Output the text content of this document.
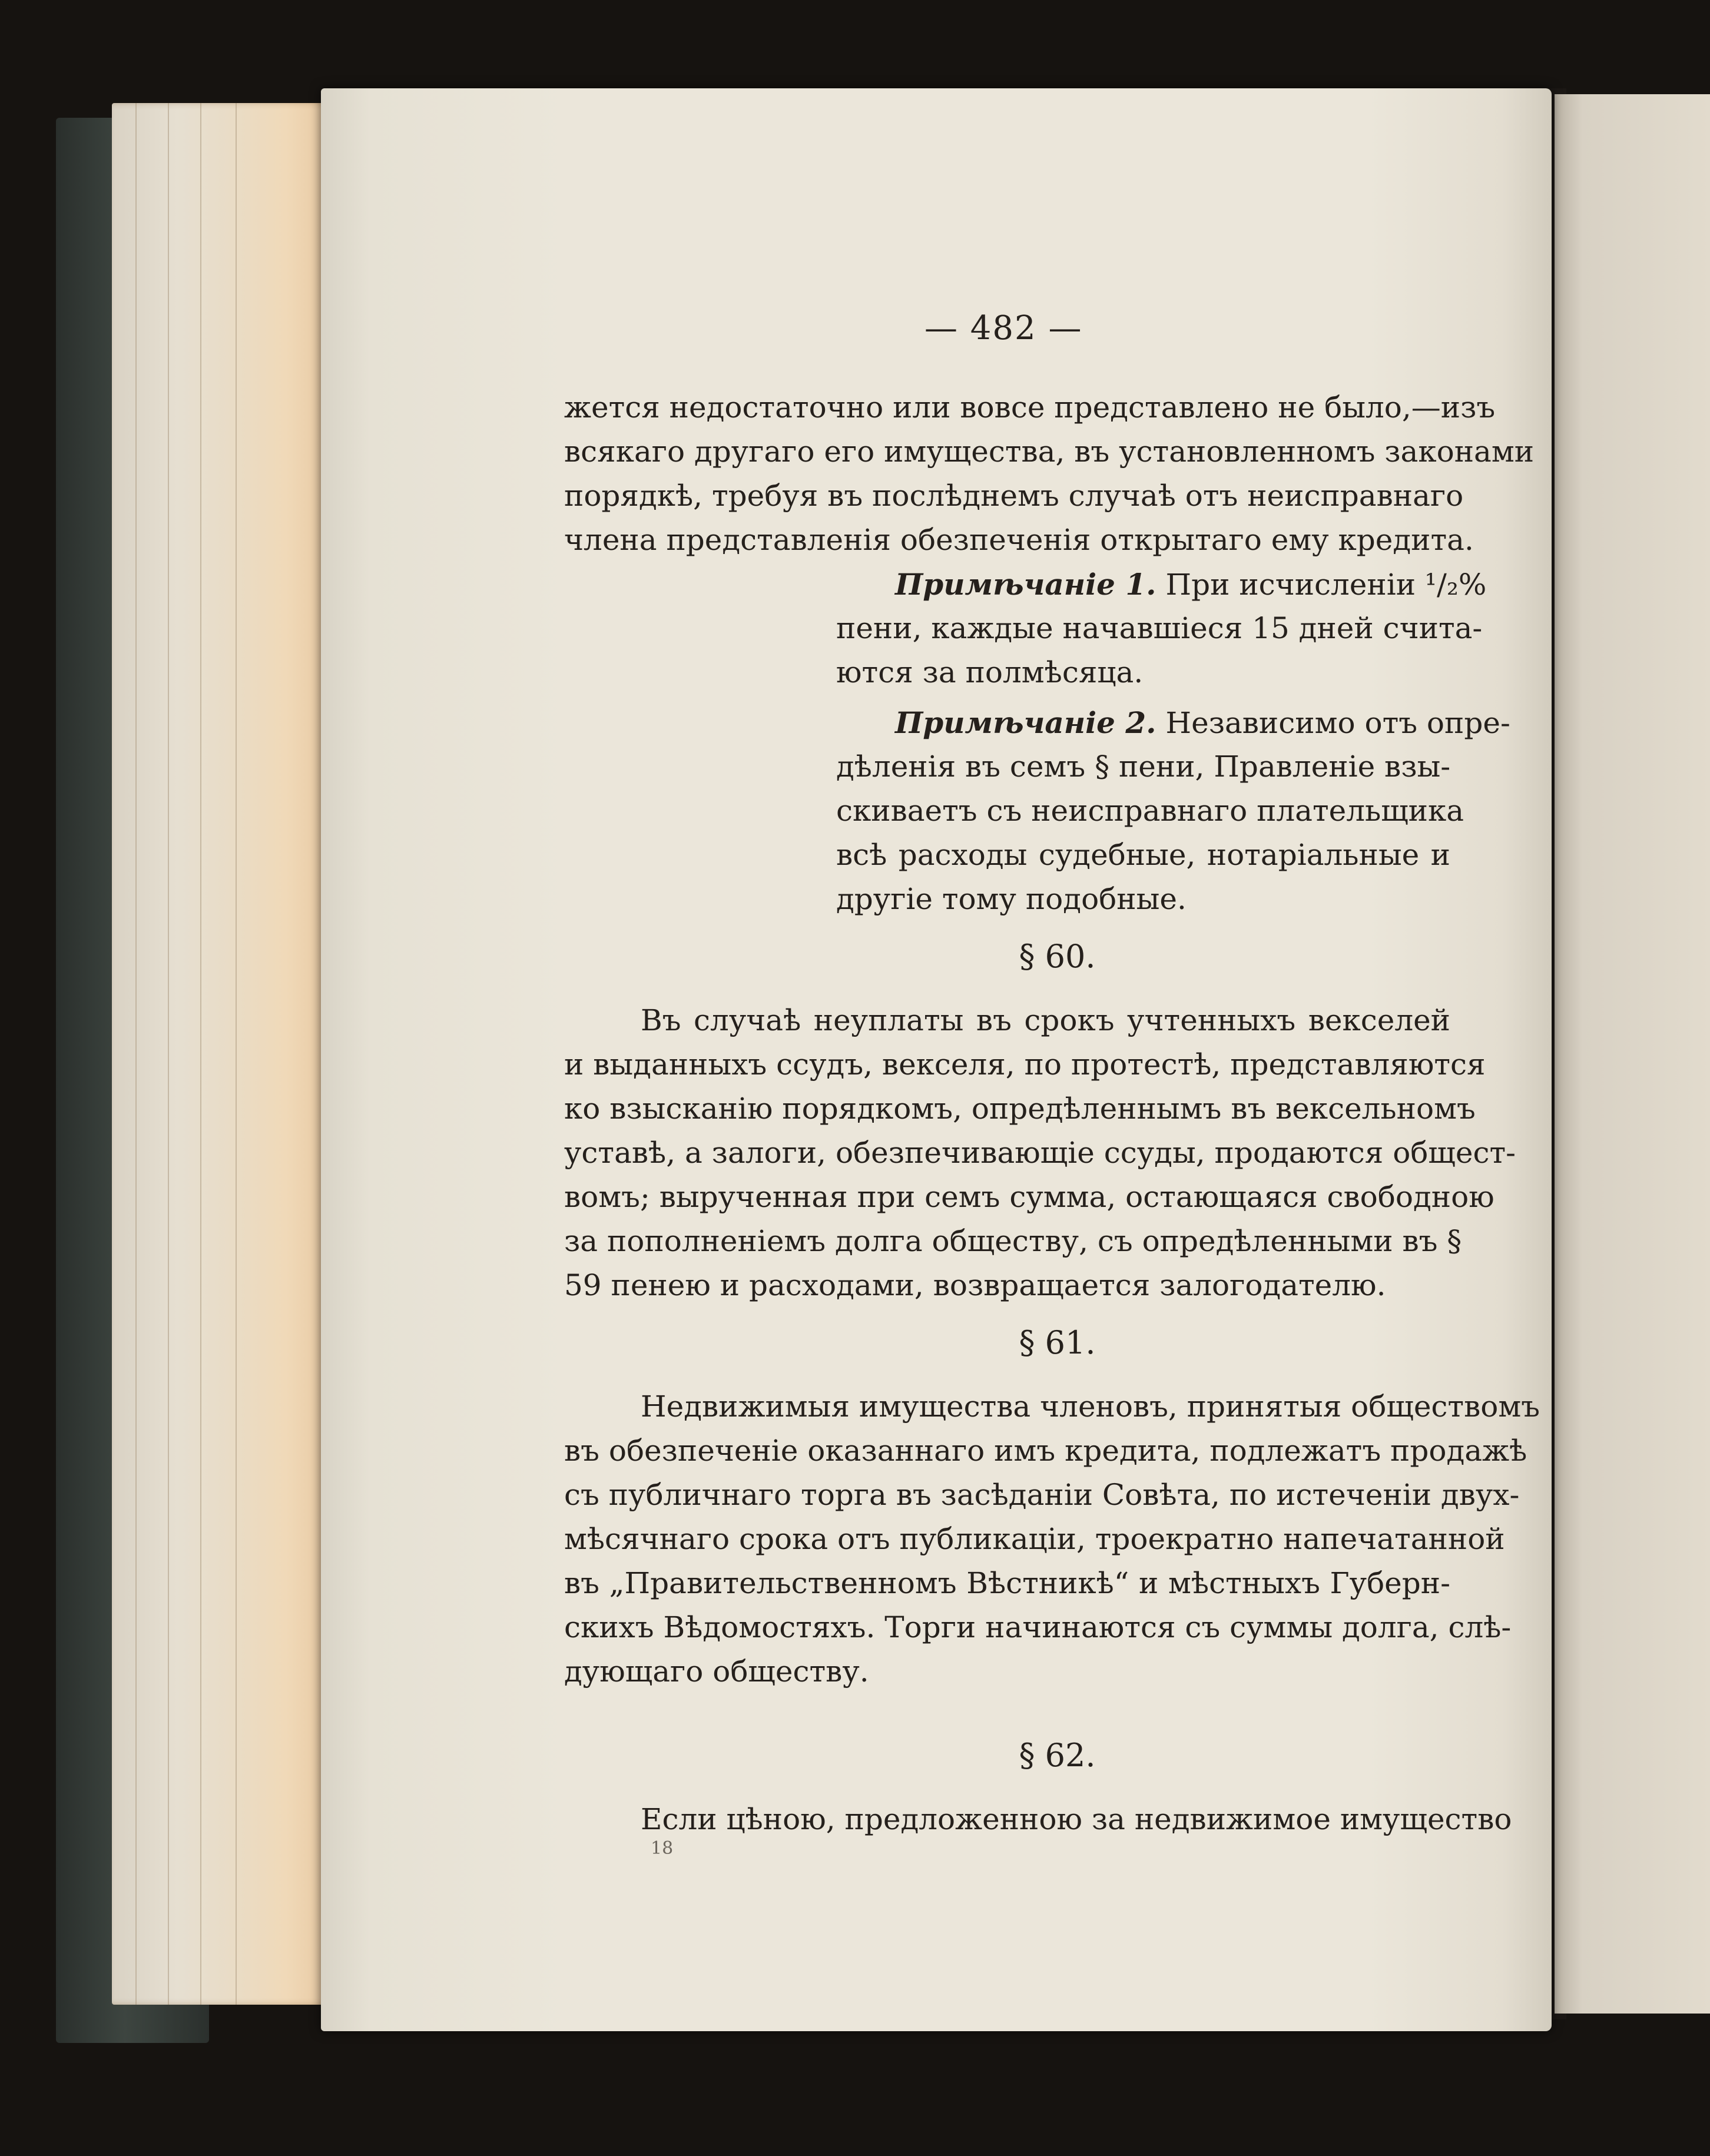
— 482 —
жется недостаточно или вовсе представлено не было,—изъ
всякаго другаго его имущества, въ установленномъ законами
порядкѣ, требуя въ послѣднемъ случаѣ отъ неисправнаго
члена представленія обезпеченія открытаго ему кредита.
Примѣчаніе 1. При исчисленіи ¹/₂%
пени, каждые начавшіеся 15 дней счита-
ются за полмѣсяца.
Примѣчаніе 2. Независимо отъ опре-
дѣленія въ семъ § пени, Правленіе взы-
скиваетъ съ неисправнаго плательщика
всѣ расходы судебные, нотаріальные и
другіе тому подобные.
§ 60.
Въ случаѣ неуплаты въ срокъ учтенныхъ векселей
и выданныхъ ссудъ, векселя, по протестѣ, представляются
ко взысканію порядкомъ, опредѣленнымъ въ вексельномъ
уставѣ, а залоги, обезпечивающіе ссуды, продаются общест-
вомъ; вырученная при семъ сумма, остающаяся свободною
за пополненіемъ долга обществу, съ опредѣленными въ §
59 пенею и расходами, возвращается залогодателю.
§ 61.
Недвижимыя имущества членовъ, принятыя обществомъ
въ обезпеченіе оказаннаго имъ кредита, подлежатъ продажѣ
съ публичнаго торга въ засѣданіи Совѣта, по истеченіи двух-
мѣсячнаго срока отъ публикаціи, троекратно напечатанной
въ „Правительственномъ Вѣстникѣ“ и мѣстныхъ Губерн-
скихъ Вѣдомостяхъ. Торги начинаются съ суммы долга, слѣ-
дующаго обществу.
§ 62.
Если цѣною, предложенною за недвижимое имущество
18
